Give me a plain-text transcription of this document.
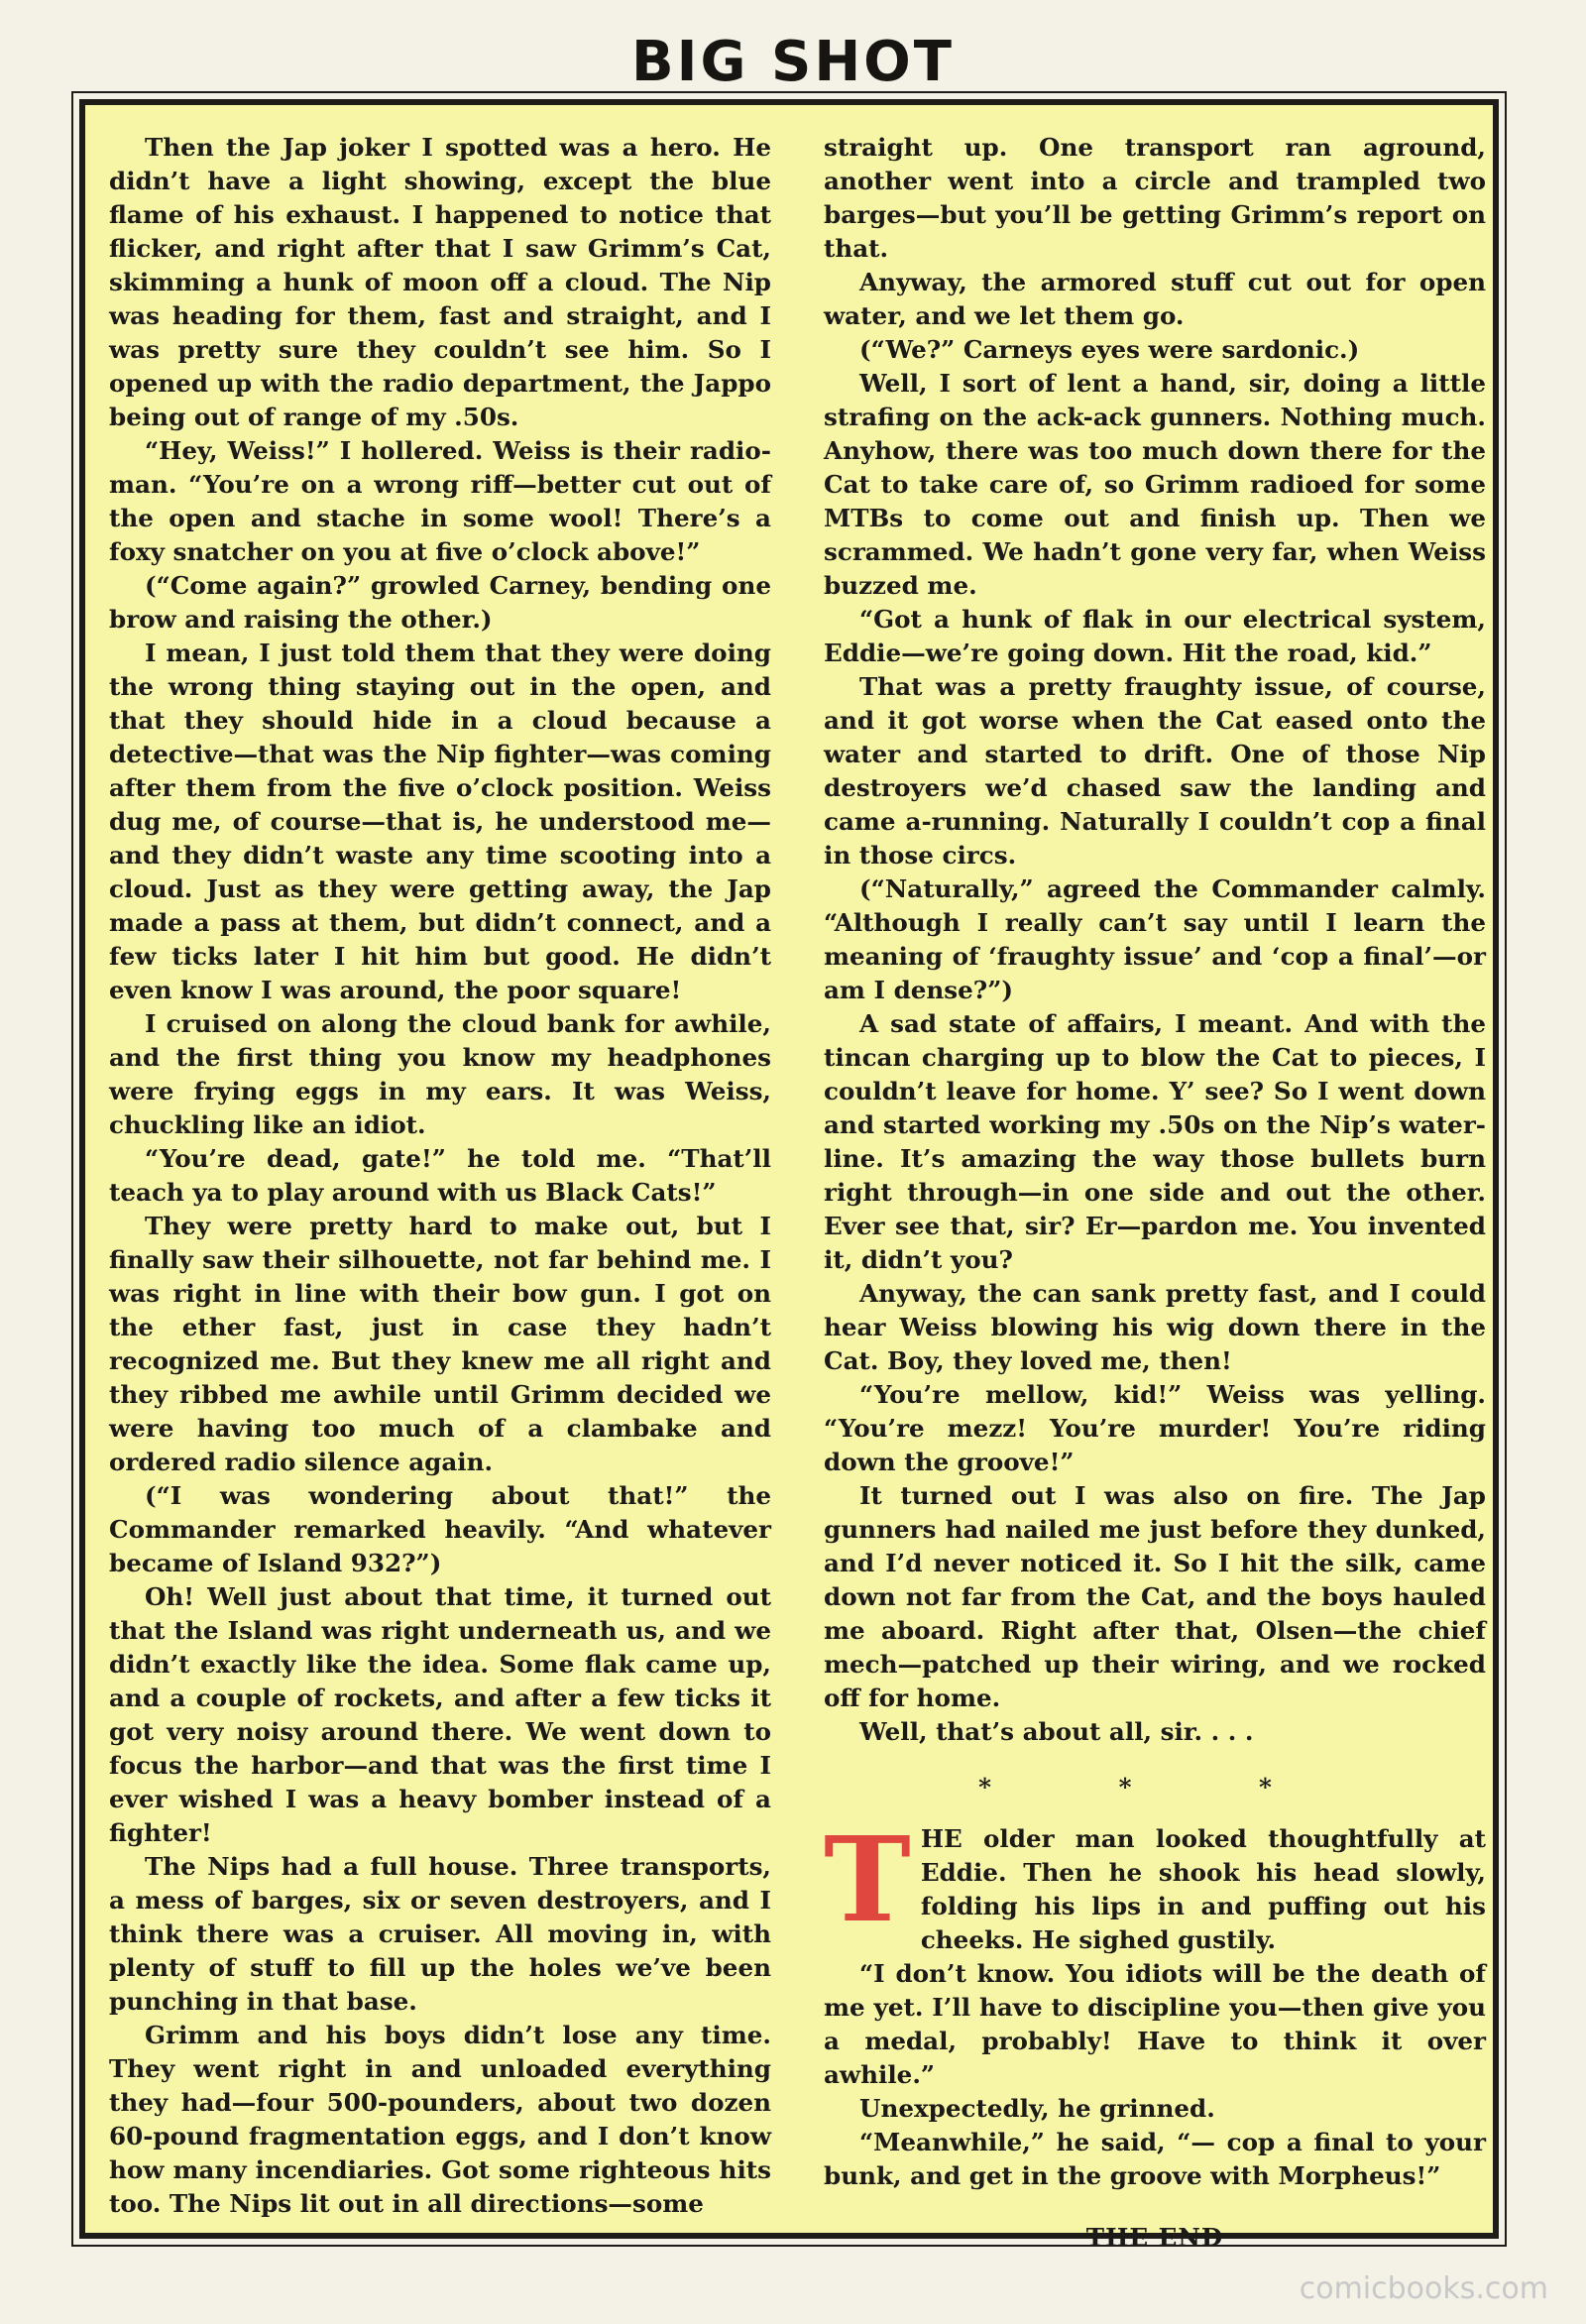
BIG SHOT

Then the Jap joker I spotted was a hero. He didn’t have a light showing, except the blue flame of his exhaust. I happened to notice that flicker, and right after that I saw Grimm’s Cat, skimming a hunk of moon off a cloud. The Nip was heading for them, fast and straight, and I was pretty sure they couldn’t see him. So I opened up with the radio department, the Jappo being out of range of my .50s.

“Hey, Weiss!” I hollered. Weiss is their radio-man. “You’re on a wrong riff—better cut out of the open and stache in some wool! There’s a foxy snatcher on you at five o’clock above!”

(“Come again?” growled Carney, bending one brow and raising the other.)

I mean, I just told them that they were doing the wrong thing staying out in the open, and that they should hide in a cloud because a detective—that was the Nip fighter—was coming after them from the five o’clock position. Weiss dug me, of course—that is, he understood me—and they didn’t waste any time scooting into a cloud. Just as they were getting away, the Jap made a pass at them, but didn’t connect, and a few ticks later I hit him but good. He didn’t even know I was around, the poor square!

I cruised on along the cloud bank for awhile, and the first thing you know my headphones were frying eggs in my ears. It was Weiss, chuckling like an idiot.

“You’re dead, gate!” he told me. “That’ll teach ya to play around with us Black Cats!”

They were pretty hard to make out, but I finally saw their silhouette, not far behind me. I was right in line with their bow gun. I got on the ether fast, just in case they hadn’t recognized me. But they knew me all right and they ribbed me awhile until Grimm decided we were having too much of a clambake and ordered radio silence again.

(“I was wondering about that!” the Commander remarked heavily. “And whatever became of Island 932?”)

Oh! Well just about that time, it turned out that the Island was right underneath us, and we didn’t exactly like the idea. Some flak came up, and a couple of rockets, and after a few ticks it got very noisy around there. We went down to focus the harbor—and that was the first time I ever wished I was a heavy bomber instead of a fighter!

The Nips had a full house. Three transports, a mess of barges, six or seven destroyers, and I think there was a cruiser. All moving in, with plenty of stuff to fill up the holes we’ve been punching in that base.

Grimm and his boys didn’t lose any time. They went right in and unloaded everything they had—four 500-pounders, about two dozen 60-pound fragmentation eggs, and I don’t know how many incendiaries. Got some righteous hits too. The Nips lit out in all directions—some

straight up. One transport ran aground, another went into a circle and trampled two barges—but you’ll be getting Grimm’s report on that.

Anyway, the armored stuff cut out for open water, and we let them go.

(“We?” Carneys eyes were sardonic.)

Well, I sort of lent a hand, sir, doing a little strafing on the ack-ack gunners. Nothing much. Anyhow, there was too much down there for the Cat to take care of, so Grimm radioed for some MTBs to come out and finish up. Then we scrammed. We hadn’t gone very far, when Weiss buzzed me.

“Got a hunk of flak in our electrical system, Eddie—we’re going down. Hit the road, kid.”

That was a pretty fraughty issue, of course, and it got worse when the Cat eased onto the water and started to drift. One of those Nip destroyers we’d chased saw the landing and came a-running. Naturally I couldn’t cop a final in those circs.

(“Naturally,” agreed the Commander calmly. “Although I really can’t say until I learn the meaning of ‘fraughty issue’ and ‘cop a final’—or am I dense?”)

A sad state of affairs, I meant. And with the tincan charging up to blow the Cat to pieces, I couldn’t leave for home. Y’ see? So I went down and started working my .50s on the Nip’s water-line. It’s amazing the way those bullets burn right through—in one side and out the other. Ever see that, sir? Er—pardon me. You invented it, didn’t you?

Anyway, the can sank pretty fast, and I could hear Weiss blowing his wig down there in the Cat. Boy, they loved me, then!

“You’re mellow, kid!” Weiss was yelling. “You’re mezz! You’re murder! You’re riding down the groove!”

It turned out I was also on fire. The Jap gunners had nailed me just before they dunked, and I’d never noticed it. So I hit the silk, came down not far from the Cat, and the boys hauled me aboard. Right after that, Olsen—the chief mech—patched up their wiring, and we rocked off for home.

Well, that’s about all, sir. . . .

* * *

THE older man looked thoughtfully at Eddie. Then he shook his head slowly, folding his lips in and puffing out his cheeks. He sighed gustily.

“I don’t know. You idiots will be the death of me yet. I’ll have to discipline you—then give you a medal, probably! Have to think it over awhile.”

Unexpectedly, he grinned.

“Meanwhile,” he said, “— cop a final to your bunk, and get in the groove with Morpheus!”

THE END

comicbooks.com
